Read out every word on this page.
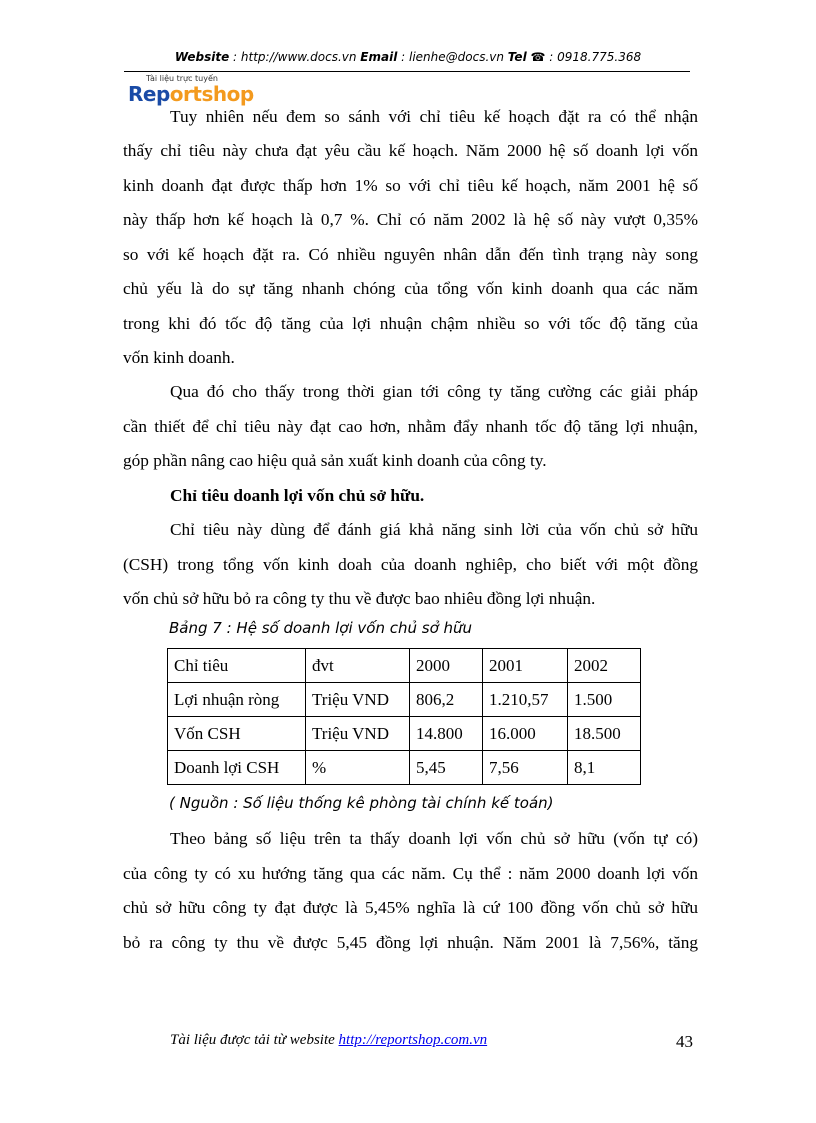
Website : http://www.docs.vn Email : lienhe@docs.vn Tel ☎ : 0918.775.368
Tài liệu trực tuyến
Reportshop
Tuy nhiên nếu đem so sánh với chỉ tiêu kế hoạch đặt ra có thể nhận
thấy chỉ tiêu này chưa đạt yêu cầu kế hoạch. Năm 2000 hệ số doanh lợi vốn
kinh doanh đạt được thấp hơn 1% so với chỉ tiêu kế hoạch, năm 2001 hệ số
này thấp hơn kế hoạch là 0,7 %. Chỉ có năm 2002 là hệ số này vượt 0,35%
so với kế hoạch đặt ra. Có nhiều nguyên nhân dẫn đến tình trạng này song
chủ yếu là do sự tăng nhanh chóng của tổng vốn kinh doanh qua các năm
trong khi đó tốc độ tăng của lợi nhuận chậm nhiều so với tốc độ tăng của
vốn kinh doanh.
Qua đó cho thấy trong thời gian tới công ty tăng cường các giải pháp
cần thiết để chỉ tiêu này đạt cao hơn, nhằm đẩy nhanh tốc độ tăng lợi nhuận,
góp phần nâng cao hiệu quả sản xuất kinh doanh của công ty.
Chỉ tiêu doanh lợi vốn chủ sở hữu.
Chỉ tiêu này dùng để đánh giá khả năng sinh lời của vốn chủ sở hữu
(CSH) trong tổng vốn kinh doah của doanh nghiêp, cho biết với một đồng
vốn chủ sở hữu bỏ ra công ty thu về được bao nhiêu đồng lợi nhuận.
Bảng 7 : Hệ số doanh lợi vốn chủ sở hữu
Chỉ tiêu	đvt	2000	2001	2002
Lợi nhuận ròng	Triệu VND	806,2	1.210,57	1.500
Vốn CSH	Triệu VND	14.800	16.000	18.500
Doanh lợi CSH	%	5,45	7,56	8,1
( Nguồn : Số liệu thống kê phòng tài chính kế toán)
Theo bảng số liệu trên ta thấy doanh lợi vốn chủ sở hữu (vốn tự có)
của công ty có xu hướng tăng qua các năm. Cụ thể : năm 2000 doanh lợi vốn
chủ sở hữu công ty đạt được là 5,45% nghĩa là cứ 100 đồng vốn chủ sở hữu
bỏ ra công ty thu về được 5,45 đồng lợi nhuận. Năm 2001 là 7,56%, tăng
Tài liệu được tải từ website http://reportshop.com.vn	43
